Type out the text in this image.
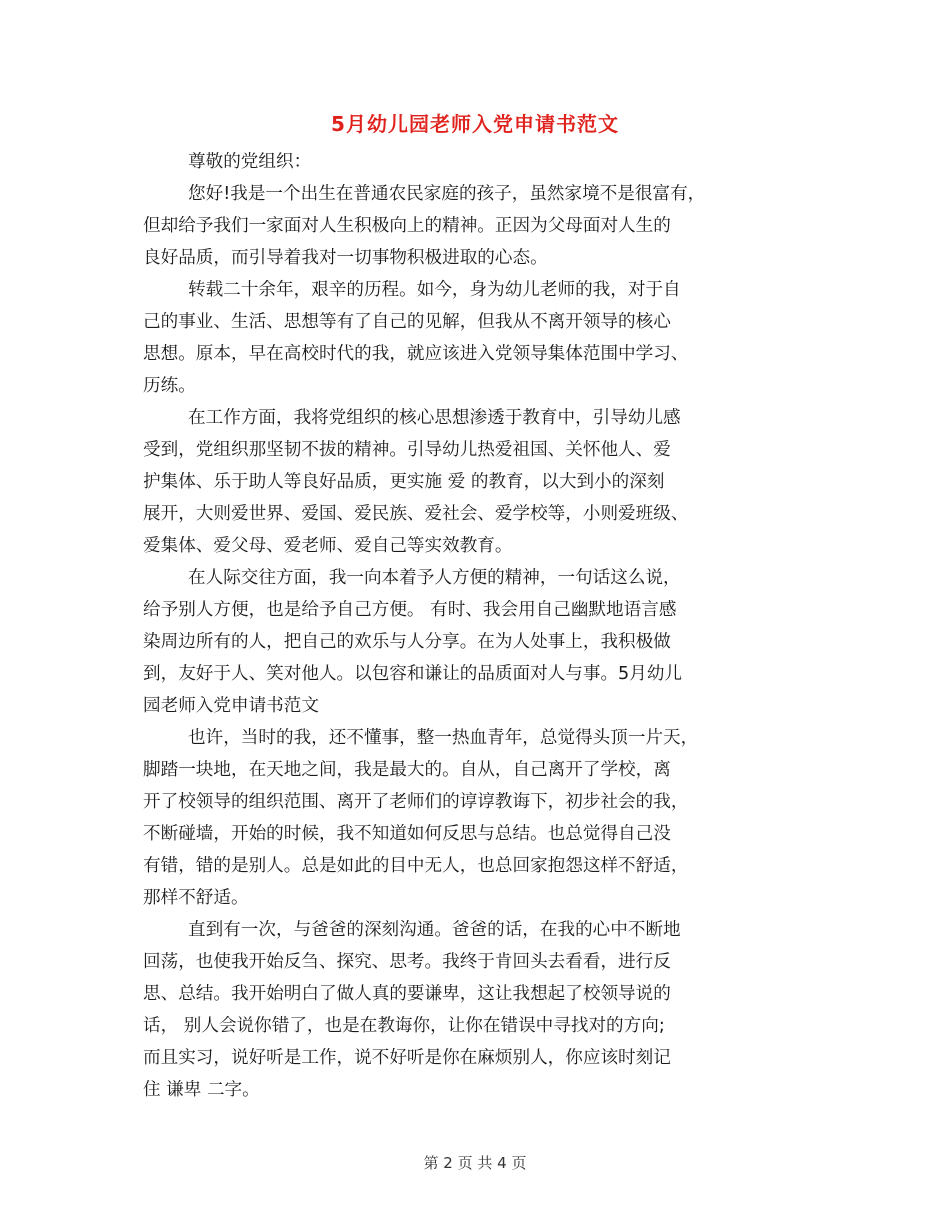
5月幼儿园老师入党申请书范文
尊敬的党组织：
您好!我是一个出生在普通农民家庭的孩子，虽然家境不是很富有，
但却给予我们一家面对人生积极向上的精神。正因为父母面对人生的
良好品质，而引导着我对一切事物积极进取的心态。
转载二十余年，艰辛的历程。如今，身为幼儿老师的我，对于自
己的事业、生活、思想等有了自己的见解，但我从不离开领导的核心
思想。原本，早在高校时代的我，就应该进入党领导集体范围中学习、
历练。
在工作方面，我将党组织的核心思想渗透于教育中，引导幼儿感
受到，党组织那坚韧不拔的精神。引导幼儿热爱祖国、关怀他人、爱
护集体、乐于助人等良好品质，更实施 爱 的教育，以大到小的深刻
展开，大则爱世界、爱国、爱民族、爱社会、爱学校等，小则爱班级、
爱集体、爱父母、爱老师、爱自己等实效教育。
在人际交往方面，我一向本着予人方便的精神，一句话这么说，
给予别人方便，也是给予自己方便。 有时、我会用自己幽默地语言感
染周边所有的人，把自己的欢乐与人分享。在为人处事上，我积极做
到，友好于人、笑对他人。以包容和谦让的品质面对人与事。5月幼儿
园老师入党申请书范文
也许，当时的我，还不懂事，整一热血青年，总觉得头顶一片天，
脚踏一块地，在天地之间，我是最大的。自从，自己离开了学校，离
开了校领导的组织范围、离开了老师们的谆谆教诲下，初步社会的我，
不断碰墙，开始的时候，我不知道如何反思与总结。也总觉得自己没
有错，错的是别人。总是如此的目中无人，也总回家抱怨这样不舒适，
那样不舒适。
直到有一次，与爸爸的深刻沟通。爸爸的话，在我的心中不断地
回荡，也使我开始反刍、探究、思考。我终于肯回头去看看，进行反
思、总结。我开始明白了做人真的要谦卑，这让我想起了校领导说的
话， 别人会说你错了，也是在教诲你，让你在错误中寻找对的方向;
而且实习，说好听是工作，说不好听是你在麻烦别人，你应该时刻记
住 谦卑 二字。
第 2 页 共 4 页
